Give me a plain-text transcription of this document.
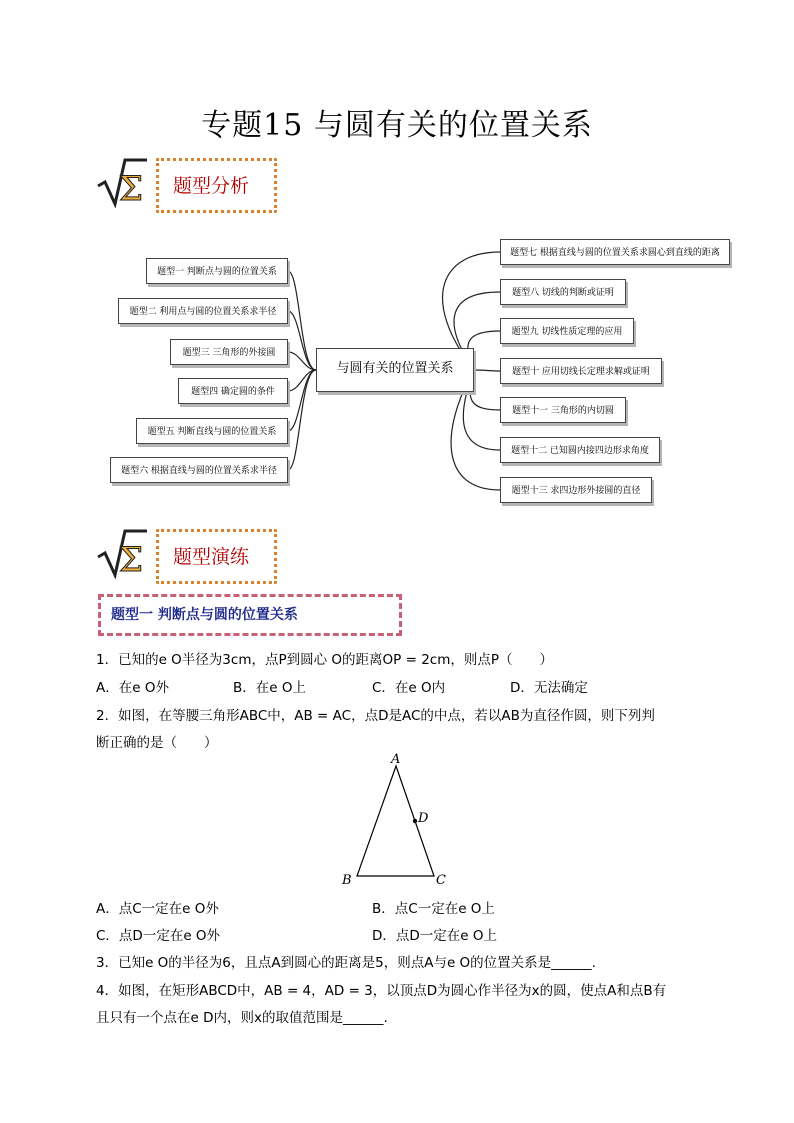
专题15 与圆有关的位置关系
Σ	题型分析
与圆有关的位置关系
题型一 判断点与圆的位置关系
题型二 利用点与圆的位置关系求半径
题型三 三角形的外接圆
题型四 确定圆的条件
题型五 判断直线与圆的位置关系
题型六 根据直线与圆的位置关系求半径
题型七 根据直线与圆的位置关系求圆心到直线的距离
题型八 切线的判断或证明
题型九 切线性质定理的应用
题型十 应用切线长定理求解或证明
题型十一 三角形的内切圆
题型十二 已知圆内接四边形求角度
题型十三 求四边形外接圆的直径
Σ	题型演练
题型一 判断点与圆的位置关系
1．已知的e O半径为3cm，点P到圆心 O的距离OP = 2cm，则点P（　　）
A．在e O外	B．在e O上	C．在e O内	D．无法确定
2．如图，在等腰三角形ABC中，AB = AC，点D是AC的中点，若以AB为直径作圆，则下列判
断正确的是（　　）
A
B	C
D
A．点C一定在e O外	B．点C一定在e O上
C．点D一定在e O外	D．点D一定在e O上
3．已知e O的半径为6，且点A到圆心的距离是5，则点A与e O的位置关系是______.
4．如图，在矩形ABCD中，AB = 4，AD = 3，以顶点D为圆心作半径为x的圆，使点A和点B有
且只有一个点在e D内，则x的取值范围是______.
